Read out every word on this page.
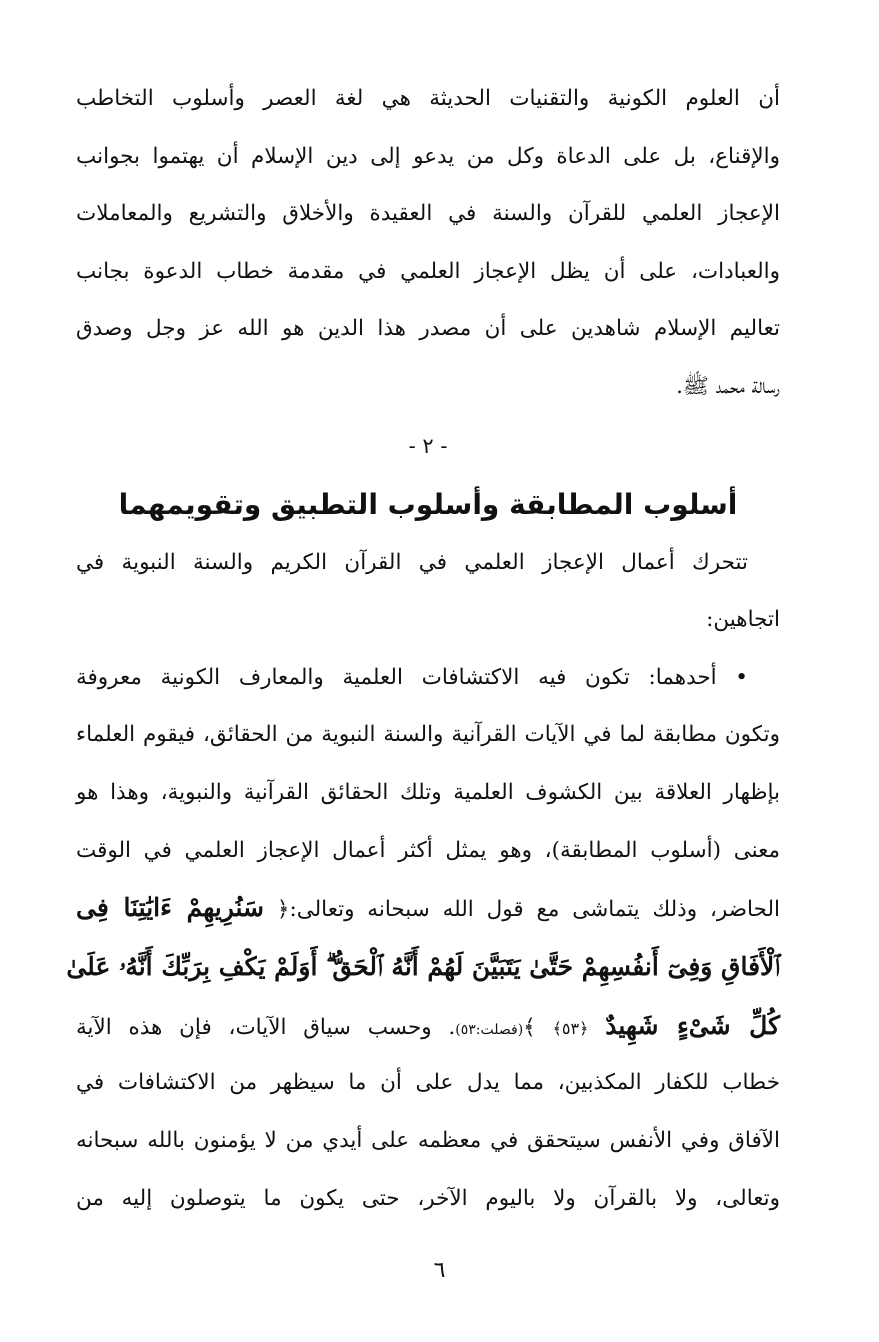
أن العلوم الكونية والتقنيات الحديثة هي لغة العصر وأسلوب التخاطب
والإقناع، بل على الدعاة وكل من يدعو إلى دين الإسلام أن يهتموا بجوانب
الإعجاز العلمي للقرآن والسنة في العقيدة والأخلاق والتشريع والمعاملات
والعبادات، على أن يظل الإعجاز العلمي في مقدمة خطاب الدعوة بجانب
تعاليم الإسلام شاهدين على أن مصدر هذا الدين هو الله عز وجل وصدق
رسالة محمد ﷺ.
- ٢ -
أسلوب المطابقة وأسلوب التطبيق وتقويمهما
تتحرك أعمال الإعجاز العلمي في القرآن الكريم والسنة النبوية في
اتجاهين:
• أحدهما: تكون فيه الاكتشافات العلمية والمعارف الكونية معروفة
وتكون مطابقة لما في الآيات القرآنية والسنة النبوية من الحقائق، فيقوم العلماء
بإظهار العلاقة بين الكشوف العلمية وتلك الحقائق القرآنية والنبوية، وهذا هو
معنى (أسلوب المطابقة)، وهو يمثل أكثر أعمال الإعجاز العلمي في الوقت
الحاضر، وذلك يتماشى مع قول الله سبحانه وتعالى:﴿ سَنُرِيهِمْ ءَايَٰتِنَا فِى
ٱلْأَفَاقِ وَفِىٓ أَنفُسِهِمْ حَتَّىٰ يَتَبَيَّنَ لَهُمْ أَنَّهُ ٱلْحَقُّ ۗ أَوَلَمْ يَكْفِ بِرَبِّكَ أَنَّهُۥ عَلَىٰ
كُلِّ شَىْءٍ شَهِيدٌ ﴿٥٣﴾ ﴾(فصلت:٥٣). وحسب سياق الآيات، فإن هذه الآية
خطاب للكفار المكذبين، مما يدل على أن ما سيظهر من الاكتشافات في
الآفاق وفي الأنفس سيتحقق في معظمه على أيدي من لا يؤمنون بالله سبحانه
وتعالى، ولا بالقرآن ولا باليوم الآخر، حتى يكون ما يتوصلون إليه من
٦
